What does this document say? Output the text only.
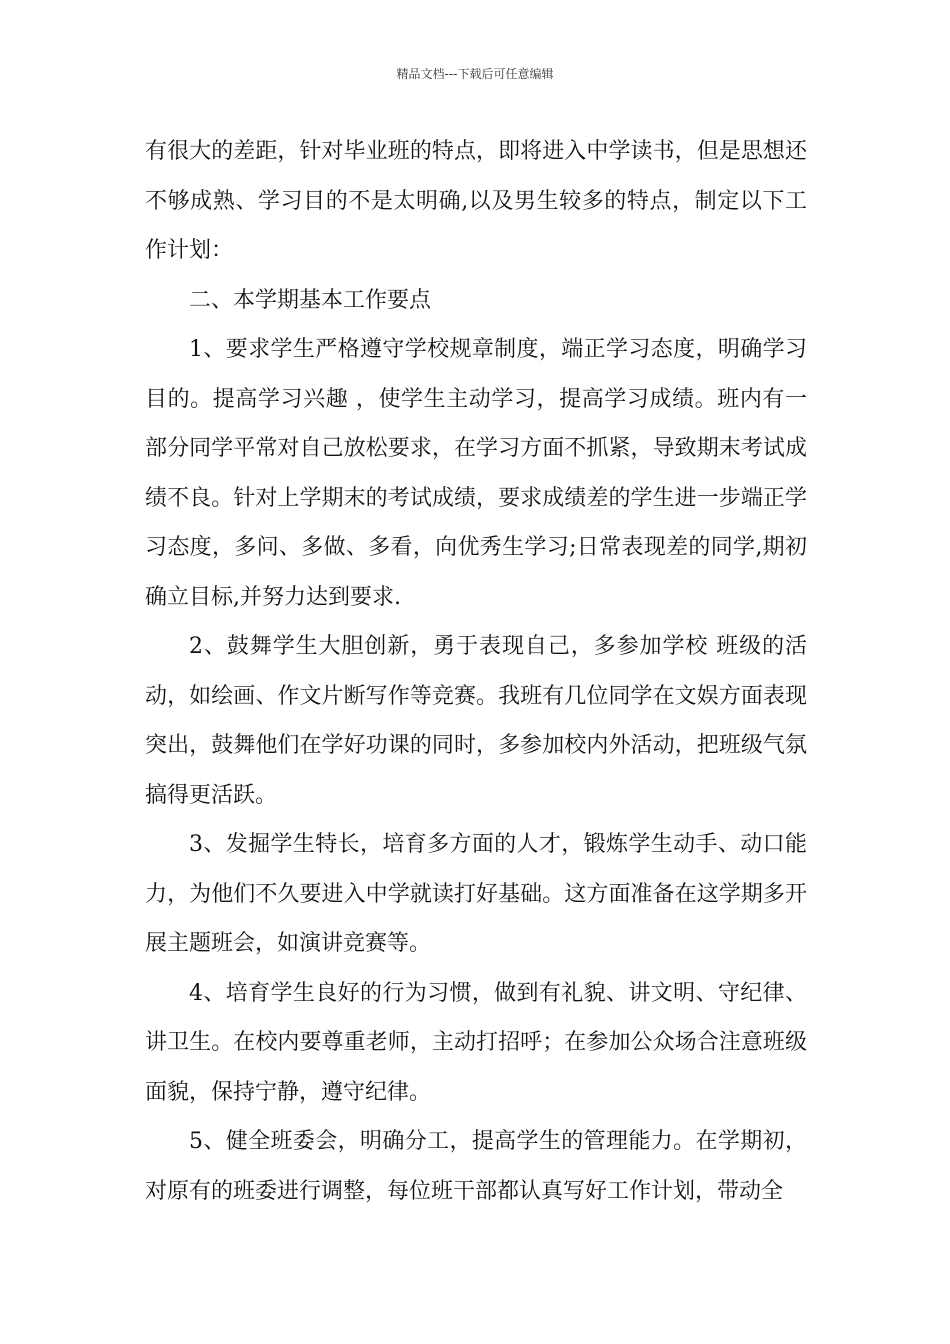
精品文档---下载后可任意编辑

有很大的差距，针对毕业班的特点，即将进入中学读书，但是思想还不够成熟、学习目的不是太明确,以及男生较多的特点，制定以下工作计划：

二、本学期基本工作要点

1、要求学生严格遵守学校规章制度，端正学习态度，明确学习目的。提高学习兴趣 ，使学生主动学习，提高学习成绩。班内有一部分同学平常对自己放松要求，在学习方面不抓紧，导致期末考试成绩不良。针对上学期末的考试成绩，要求成绩差的学生进一步端正学习态度，多问、多做、多看，向优秀生学习;日常表现差的同学,期初确立目标,并努力达到要求.

2、鼓舞学生大胆创新，勇于表现自己，多参加学校 班级的活动，如绘画、作文片断写作等竞赛。我班有几位同学在文娱方面表现突出，鼓舞他们在学好功课的同时，多参加校内外活动，把班级气氛搞得更活跃。

3、发掘学生特长，培育多方面的人才，锻炼学生动手、动口能力，为他们不久要进入中学就读打好基础。这方面准备在这学期多开展主题班会，如演讲竞赛等。

4、培育学生良好的行为习惯，做到有礼貌、讲文明、守纪律、讲卫生。在校内要尊重老师，主动打招呼；在参加公众场合注意班级面貌，保持宁静，遵守纪律。

5、健全班委会，明确分工，提高学生的管理能力。在学期初，对原有的班委进行调整，每位班干部都认真写好工作计划，带动全
